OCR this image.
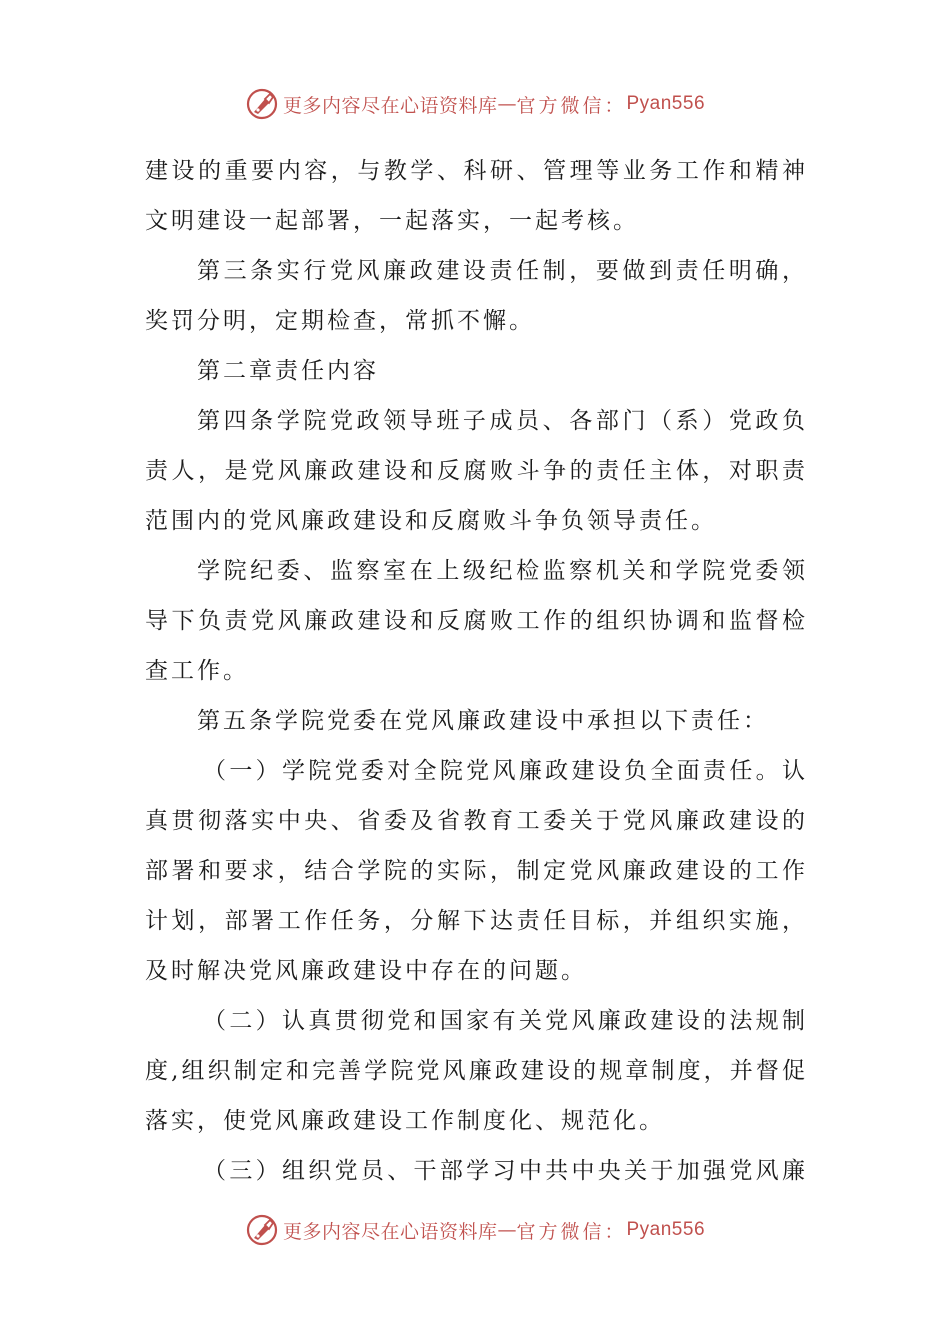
更多内容尽在心语资料库 — 官方微信： Pyan556
建设的重要内容，与教学、科研、管理等业务工作和精神
文明建设一起部署，一起落实，一起考核。
第三条实行党风廉政建设责任制，要做到责任明确，
奖罚分明，定期检查，常抓不懈。
第二章责任内容
第四条学院党政领导班子成员、各部门（系）党政负
责人，是党风廉政建设和反腐败斗争的责任主体，对职责
范围内的党风廉政建设和反腐败斗争负领导责任。
学院纪委、监察室在上级纪检监察机关和学院党委领
导下负责党风廉政建设和反腐败工作的组织协调和监督检
查工作。
第五条学院党委在党风廉政建设中承担以下责任：
（一）学院党委对全院党风廉政建设负全面责任。认
真贯彻落实中央、省委及省教育工委关于党风廉政建设的
部署和要求，结合学院的实际，制定党风廉政建设的工作
计划，部署工作任务，分解下达责任目标，并组织实施，
及时解决党风廉政建设中存在的问题。
（二）认真贯彻党和国家有关党风廉政建设的法规制
度,组织制定和完善学院党风廉政建设的规章制度，并督促
落实，使党风廉政建设工作制度化、规范化。
（三）组织党员、干部学习中共中央关于加强党风廉
更多内容尽在心语资料库 — 官方微信： Pyan556
